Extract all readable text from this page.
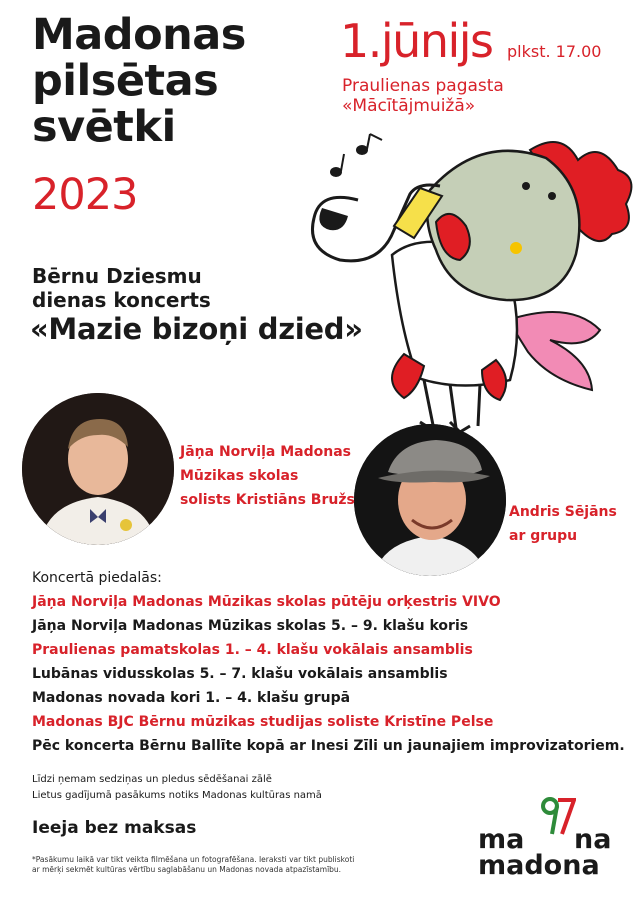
Madonas
pilsētas
svētki
2023
1.jūnijs plkst. 17.00
Praulienas pagasta
«Mācītājmuižā»
Bērnu Dziesmu
dienas koncerts
«Mazie bizoņi dzied»
Jāņa Norviļa Madonas
Mūzikas skolas
solists Kristiāns Bružs
Andris Sējāns
ar grupu
Koncertā piedalās:
Jāņa Norviļa Madonas Mūzikas skolas pūtēju orķestris VIVO
Jāņa Norviļa Madonas Mūzikas skolas 5. – 9. klašu koris
Praulienas pamatskolas 1. – 4. klašu vokālais ansamblis
Lubānas vidusskolas 5. – 7. klašu vokālais ansamblis
Madonas novada kori 1. – 4. klašu grupā
Madonas BJC Bērnu mūzikas studijas soliste Kristīne Pelse
Pēc koncerta Bērnu Ballīte kopā ar Inesi Zīli un jaunajiem improvizatoriem.
Līdzi ņemam sedziņas un pledus sēdēšanai zālē
Lietus gadījumā pasākums notiks Madonas kultūras namā
Ieeja bez maksas
*Pasākumu laikā var tikt veikta filmēšana un fotografēšana. Ieraksti var tikt publiskoti ar mērķi sekmēt kultūras vērtību saglabāšanu un Madonas novada atpazīstamību.
ma na
madona
